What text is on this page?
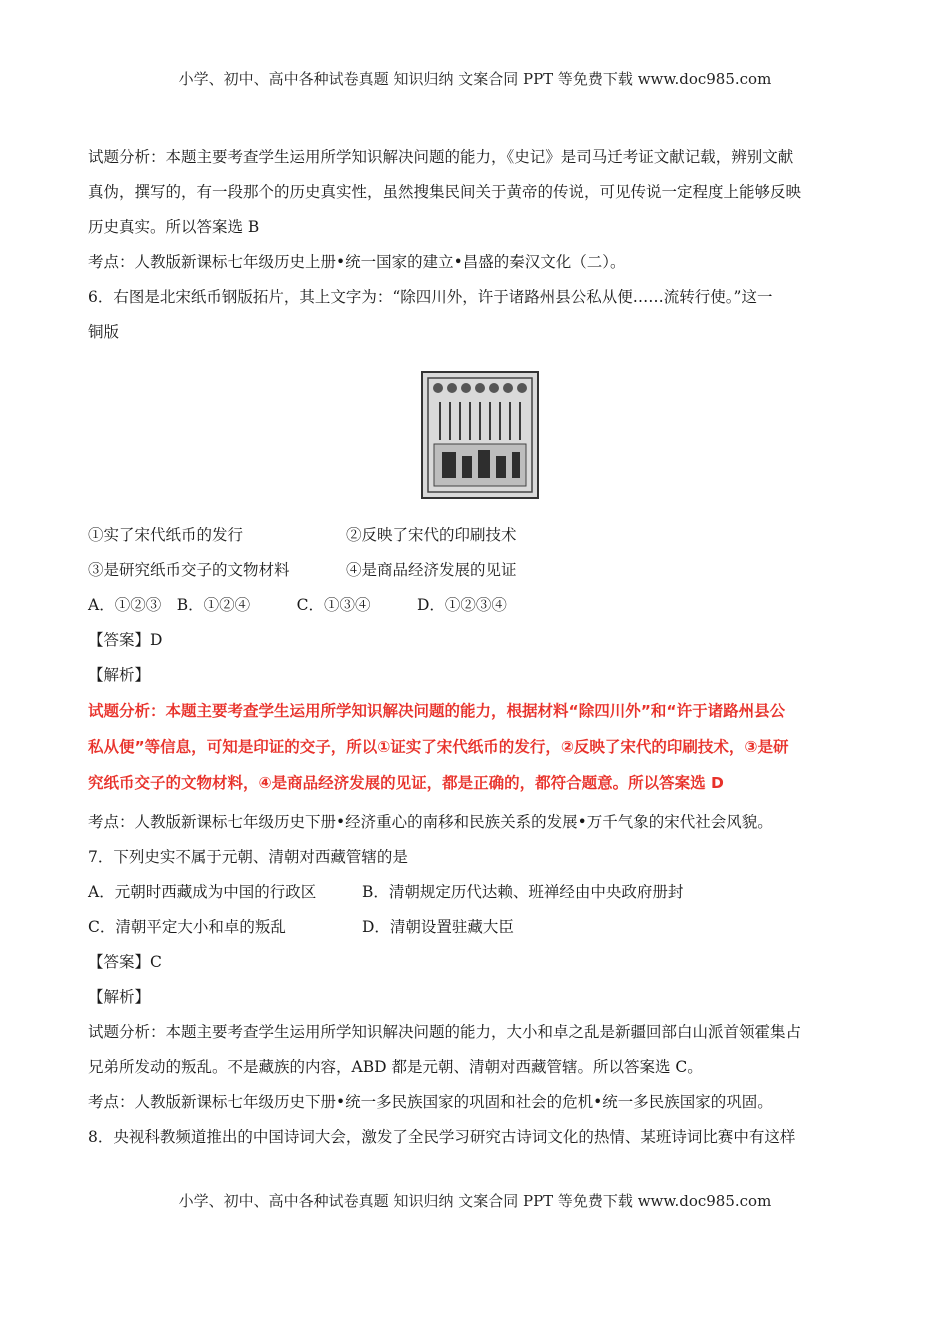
小学、初中、高中各种试卷真题 知识归纳 文案合同 PPT 等免费下载 www.doc985.com

试题分析：本题主要考查学生运用所学知识解决问题的能力，《史记》是司马迁考证文献记载，辨别文献

真伪，撰写的，有一段那个的历史真实性，虽然搜集民间关于黄帝的传说，可见传说一定程度上能够反映

历史真实。所以答案选 B

考点：人教版新课标七年级历史上册•统一国家的建立•昌盛的秦汉文化（二）。

6．右图是北宋纸币钢版拓片，其上文字为：“除四川外，许于诸路州县公私从便……流转行使。”这一

铜版

①实了宋代纸币的发行	②反映了宋代的印刷技术
③是研究纸币交子的文物材料	④是商品经济发展的见证

A．①②③　B．①②④　　　C．①③④　　　D．①②③④

【答案】D

【解析】

试题分析：本题主要考查学生运用所学知识解决问题的能力，根据材料“除四川外”和“许于诸路州县公

私从便”等信息，可知是印证的交子，所以①证实了宋代纸币的发行，②反映了宋代的印刷技术，③是研

究纸币交子的文物材料，④是商品经济发展的见证，都是正确的，都符合题意。所以答案选 D

考点：人教版新课标七年级历史下册•经济重心的南移和民族关系的发展•万千气象的宋代社会风貌。

7．下列史实不属于元朝、清朝对西藏管辖的是

A．元朝时西藏成为中国的行政区	B．清朝规定历代达赖、班禅经由中央政府册封
C．清朝平定大小和卓的叛乱	D．清朝设置驻藏大臣

【答案】C

【解析】

试题分析：本题主要考查学生运用所学知识解决问题的能力，大小和卓之乱是新疆回部白山派首领霍集占

兄弟所发动的叛乱。不是藏族的内容，ABD 都是元朝、清朝对西藏管辖。所以答案选 C。

考点：人教版新课标七年级历史下册•统一多民族国家的巩固和社会的危机•统一多民族国家的巩固。

8．央视科教频道推出的中国诗词大会，激发了全民学习研究古诗词文化的热情、某班诗词比赛中有这样

小学、初中、高中各种试卷真题 知识归纳 文案合同 PPT 等免费下载 www.doc985.com
